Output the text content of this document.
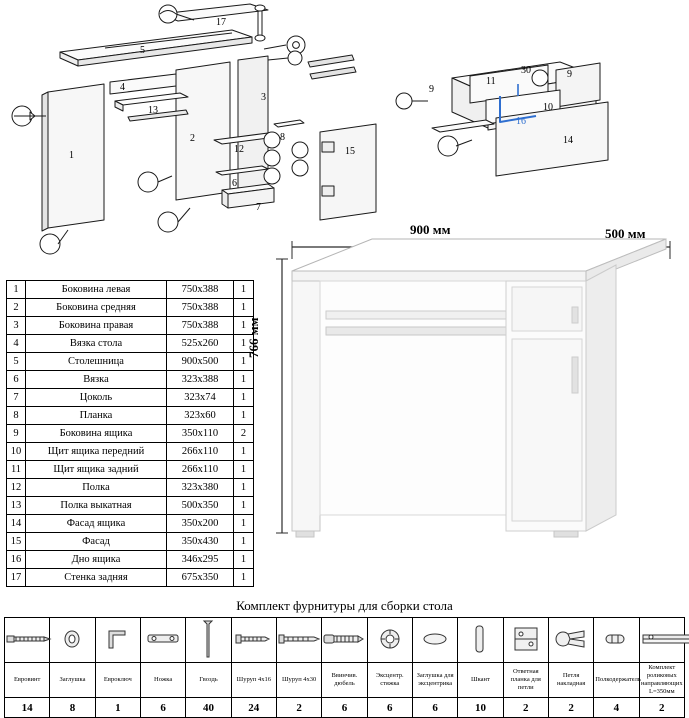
17
5
4
13
1
2
3
12
6
7
8
15
11
9
9
10
14
16
30
1	Боковина левая	750x388	1
2	Боковина средняя	750x388	1
3	Боковина правая	750x388	1
4	Вязка стола	525x260	1
5	Столешница	900x500	1
6	Вязка	323x388	1
7	Цоколь	323x74	1
8	Планка	323x60	1
9	Боковина ящика	350x110	2
10	Щит ящика передний	266x110	1
11	Щит ящика задний	266x110	1
12	Полка	323x380	1
13	Полка выкатная	500x350	1
14	Фасад ящика	350x200	1
15	Фасад	350x430	1
16	Дно ящика	346x295	1
17	Стенка задняя	675x350	1
900 мм	500 мм
766 мм
Комплект фурнитуры для сборки стола

Евровинт	Заглушка	Евроключ	Ножка	Гвоздь	Шуруп 4х16	Шуруп 4х30	Ввинчив. дюбель	Эксцентр. стяжка	Заглушка для эксцентрика	Шкант	Ответная планка для петли	Петля накладная	Полкодержатель	Комплект роликовых направляющих L=350мм
14	8	1	6	40	24	2	6	6	6	10	2	2	4	2
